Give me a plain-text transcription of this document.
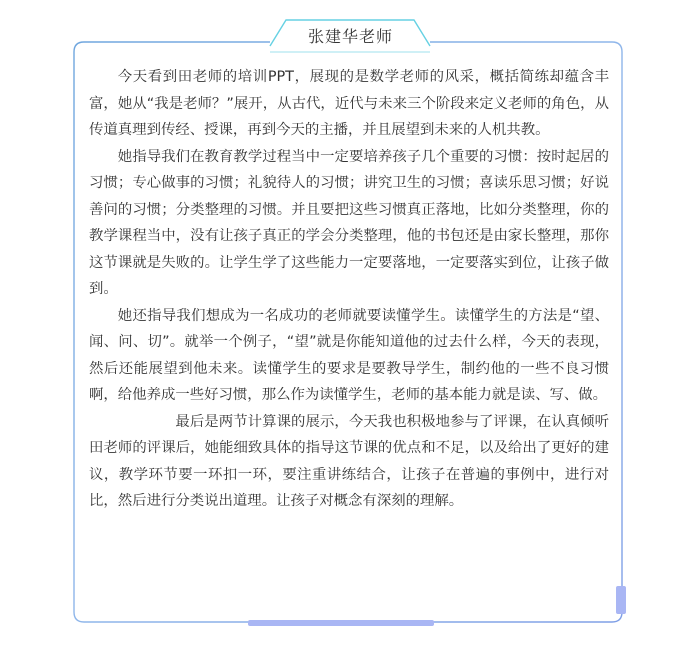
张建华老师

今天看到田老师的培训PPT，展现的是数学老师的风采，概括简练却蕴含丰富，她从“我是老师？”展开，从古代，近代与未来三个阶段来定义老师的角色，从传道真理到传经、授课，再到今天的主播，并且展望到未来的人机共教。

她指导我们在教育教学过程当中一定要培养孩子几个重要的习惯：按时起居的习惯；专心做事的习惯；礼貌待人的习惯；讲究卫生的习惯；喜读乐思习惯；好说善问的习惯；分类整理的习惯。并且要把这些习惯真正落地，比如分类整理，你的教学课程当中，没有让孩子真正的学会分类整理，他的书包还是由家长整理，那你这节课就是失败的。让学生学了这些能力一定要落地，一定要落实到位，让孩子做到。

她还指导我们想成为一名成功的老师就要读懂学生。读懂学生的方法是“望、闻、问、切”。就举一个例子，“望”就是你能知道他的过去什么样，今天的表现，然后还能展望到他未来。读懂学生的要求是要教导学生，制约他的一些不良习惯啊，给他养成一些好习惯，那么作为读懂学生，老师的基本能力就是读、写、做。

最后是两节计算课的展示，今天我也积极地参与了评课，在认真倾听田老师的评课后，她能细致具体的指导这节课的优点和不足，以及给出了更好的建议，教学环节要一环扣一环，要注重讲练结合，让孩子在普遍的事例中，进行对比，然后进行分类说出道理。让孩子对概念有深刻的理解。
